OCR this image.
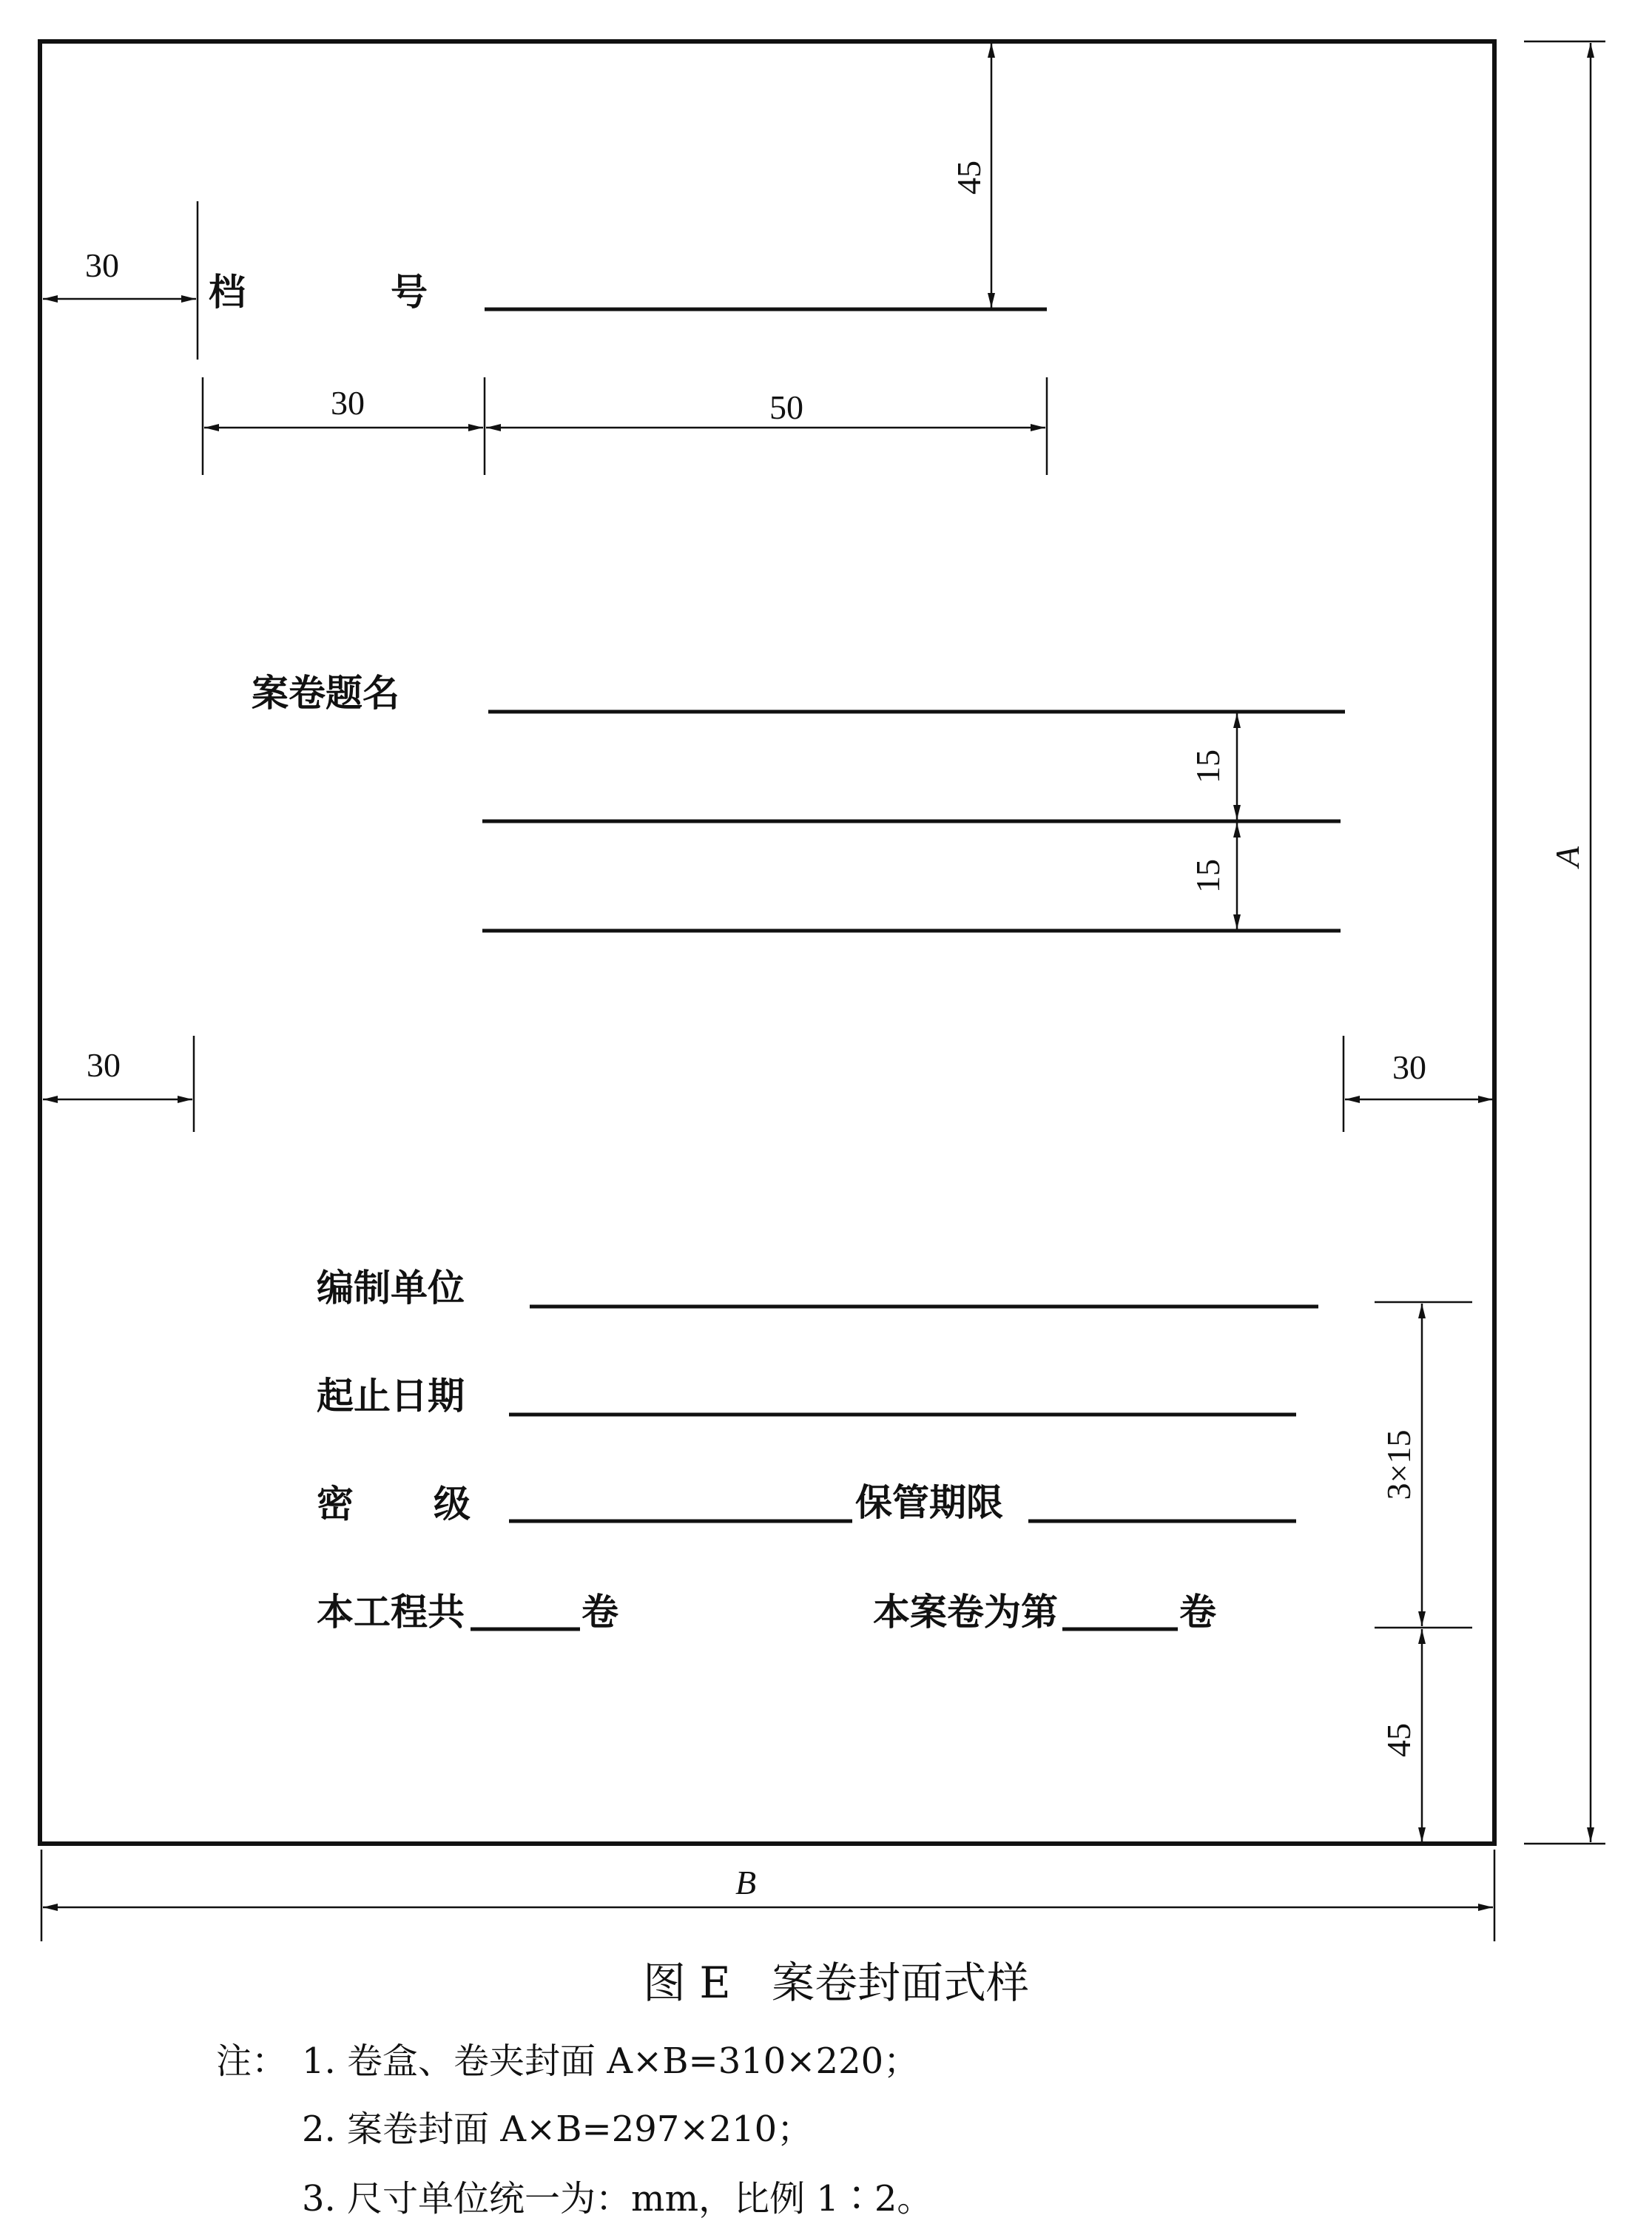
档	号
45
30
30	50
案卷题名
15
15
30	30
编制单位
起止日期
密 级	保管期限
本工程共	卷	本案卷为第	卷
3×15
45
A
B
图 E   案卷封面式样
注： 1. 卷盒、卷夹封面 A×B=310×220；
2. 案卷封面 A×B=297×210；
3. 尺寸单位统一为：mm，比例 1∶2。
